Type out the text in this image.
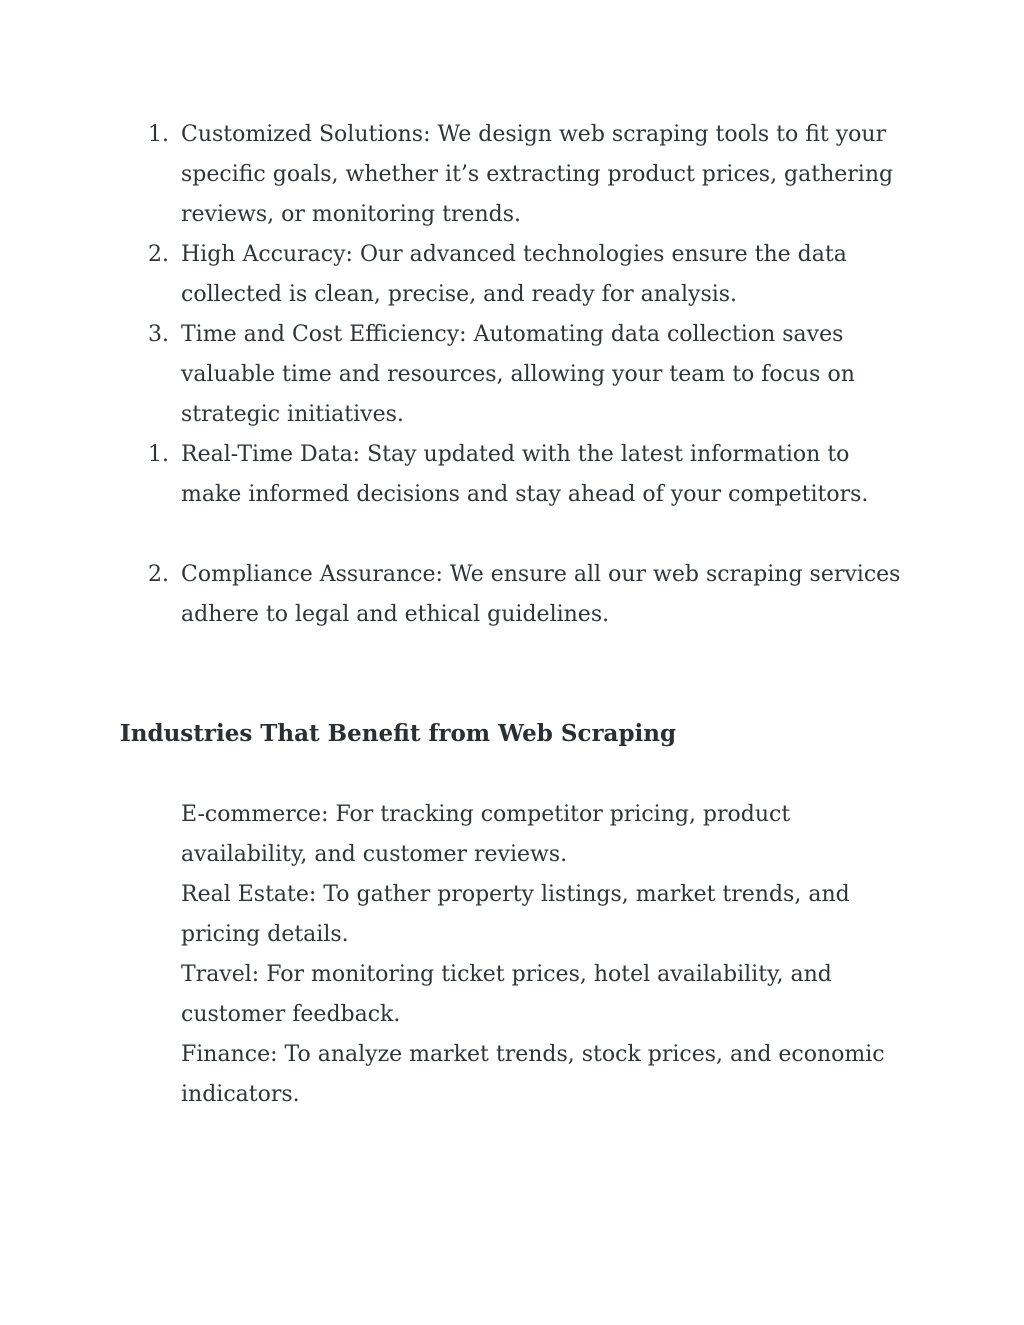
1. Customized Solutions: We design web scraping tools to fit your specific goals, whether it’s extracting product prices, gathering reviews, or monitoring trends.
2. High Accuracy: Our advanced technologies ensure the data collected is clean, precise, and ready for analysis.
3. Time and Cost Efficiency: Automating data collection saves valuable time and resources, allowing your team to focus on strategic initiatives.
1. Real-Time Data: Stay updated with the latest information to make informed decisions and stay ahead of your competitors.
2. Compliance Assurance: We ensure all our web scraping services adhere to legal and ethical guidelines.
Industries That Benefit from Web Scraping
E-commerce: For tracking competitor pricing, product availability, and customer reviews.
Real Estate: To gather property listings, market trends, and pricing details.
Travel: For monitoring ticket prices, hotel availability, and customer feedback.
Finance: To analyze market trends, stock prices, and economic indicators.
